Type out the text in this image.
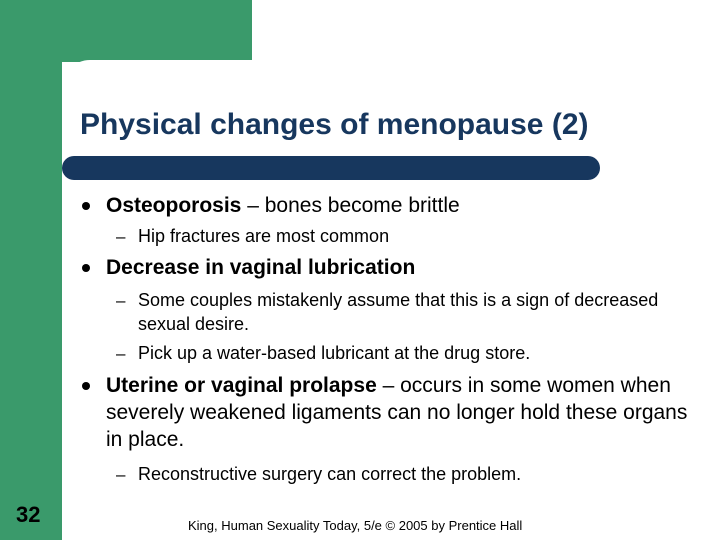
Physical changes of menopause (2)

Osteoporosis – bones become brittle

– Hip fractures are most common

Decrease in vaginal lubrication

– Some couples mistakenly assume that this is a sign of decreased sexual desire.

– Pick up a water-based lubricant at the drug store.

Uterine or vaginal prolapse – occurs in some women when severely weakened ligaments can no longer hold these organs in place.

– Reconstructive surgery can correct the problem.

32	King, Human Sexuality Today, 5/e © 2005 by Prentice Hall
